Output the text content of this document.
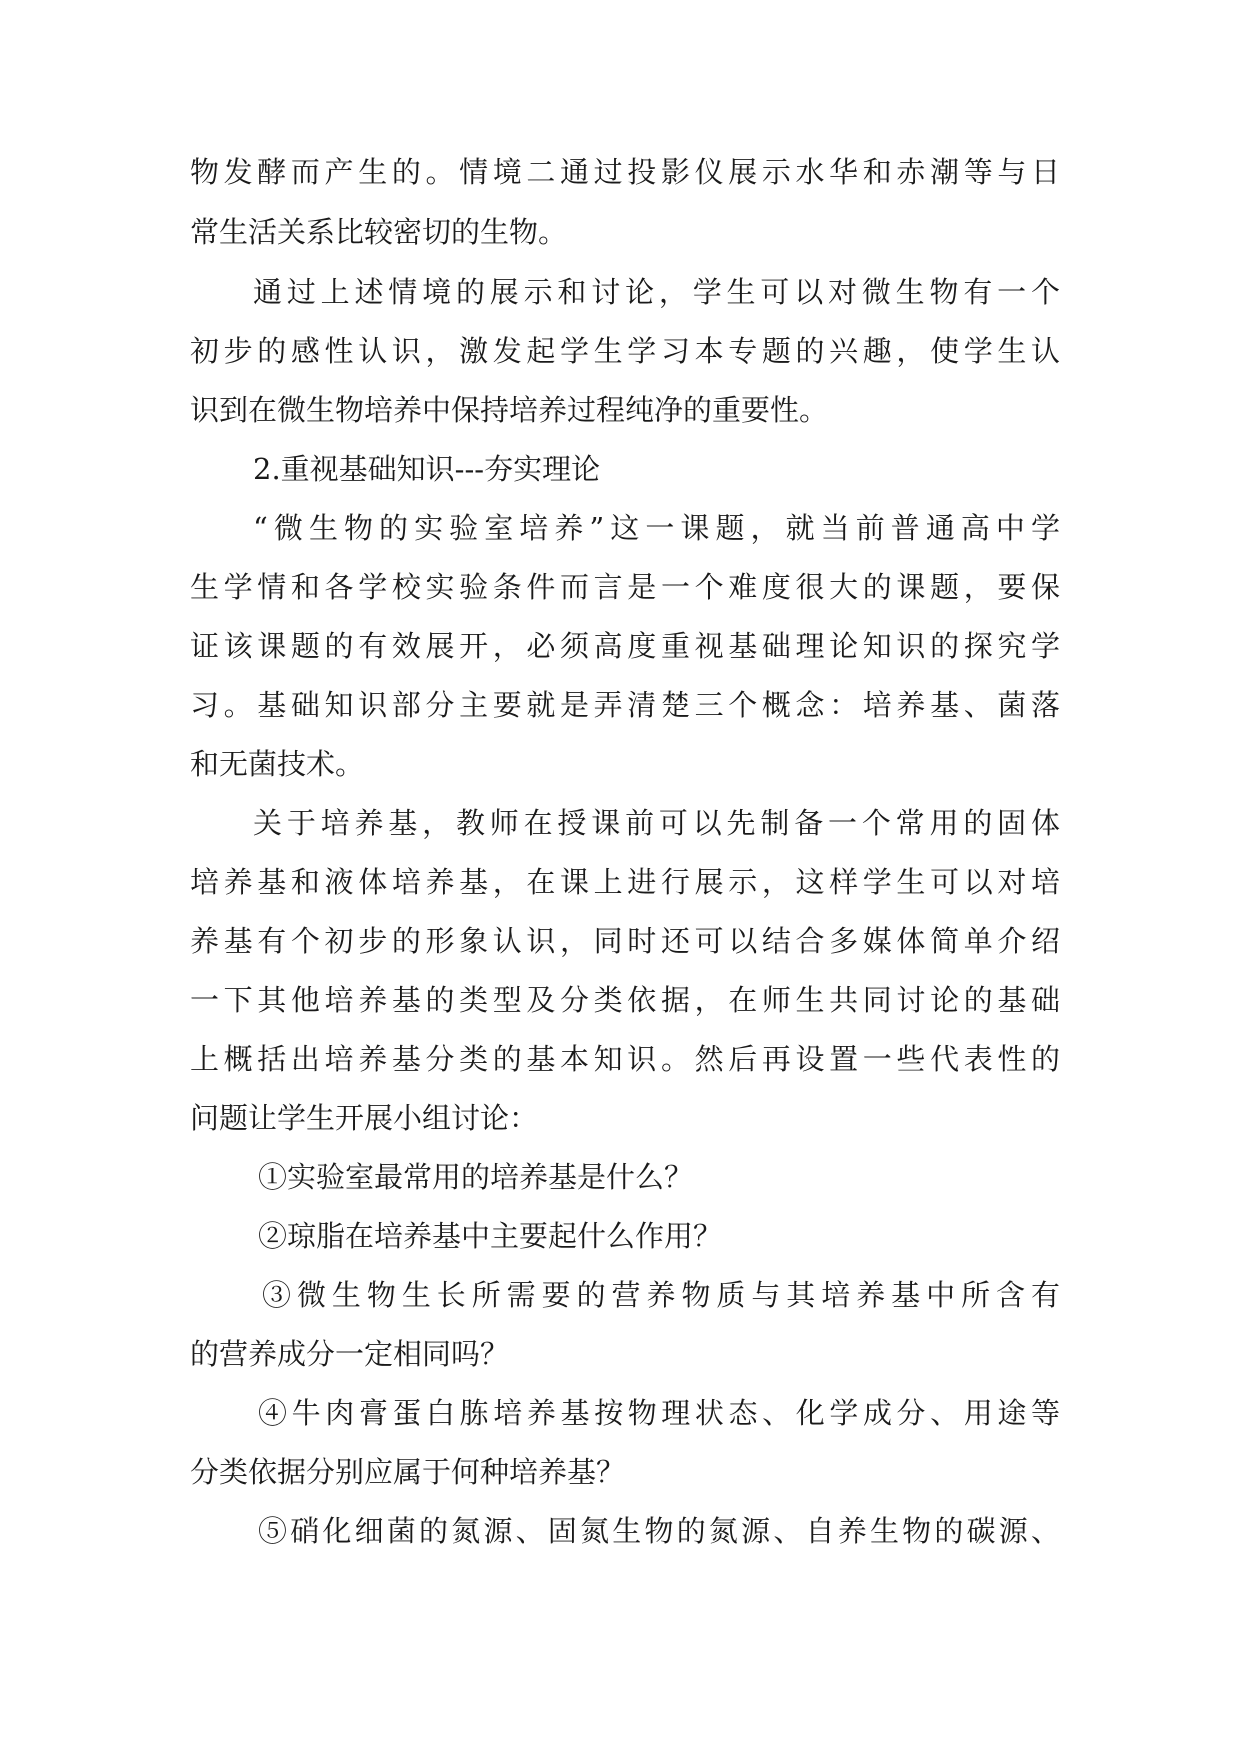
物发酵而产生的。情境二通过投影仪展示水华和赤潮等与日
常生活关系比较密切的生物。
通过上述情境的展示和讨论，学生可以对微生物有一个
初步的感性认识，激发起学生学习本专题的兴趣，使学生认
识到在微生物培养中保持培养过程纯净的重要性。
2.重视基础知识---夯实理论
“微生物的实验室培养”这一课题，就当前普通高中学
生学情和各学校实验条件而言是一个难度很大的课题，要保
证该课题的有效展开，必须高度重视基础理论知识的探究学
习。基础知识部分主要就是弄清楚三个概念：培养基、菌落
和无菌技术。
关于培养基，教师在授课前可以先制备一个常用的固体
培养基和液体培养基，在课上进行展示，这样学生可以对培
养基有个初步的形象认识，同时还可以结合多媒体简单介绍
一下其他培养基的类型及分类依据，在师生共同讨论的基础
上概括出培养基分类的基本知识。然后再设置一些代表性的
问题让学生开展小组讨论：
①实验室最常用的培养基是什么？
②琼脂在培养基中主要起什么作用？
③微生物生长所需要的营养物质与其培养基中所含有
的营养成分一定相同吗？
④牛肉膏蛋白胨培养基按物理状态、化学成分、用途等
分类依据分别应属于何种培养基？
⑤硝化细菌的氮源、固氮生物的氮源、自养生物的碳源、
